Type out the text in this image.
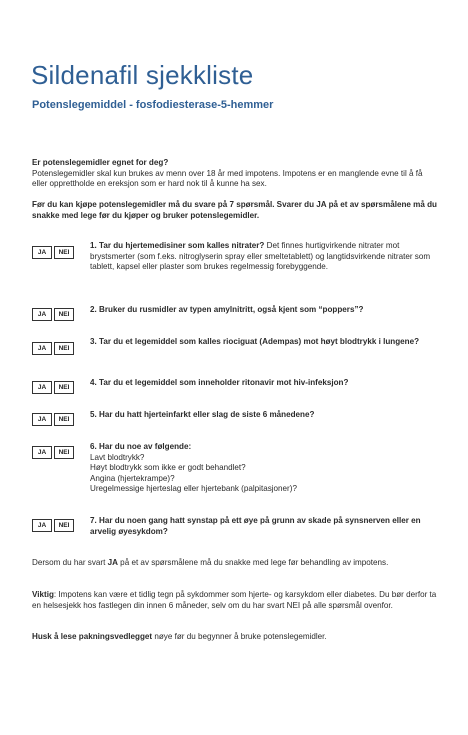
Sildenafil sjekkliste
Potenslegemiddel - fosfodiesterase-5-hemmer

Er potenslegemidler egnet for deg?
Potenslegemidler skal kun brukes av menn over 18 år med impotens. Impotens er en manglende evne til å få eller opprettholde en ereksjon som er hard nok til å kunne ha sex.

Før du kan kjøpe potenslegemidler må du svare på 7 spørsmål. Svarer du JA på et av spørsmålene må du snakke med lege før du kjøper og bruker potenslegemidler.

JA	NEI

1. Tar du hjertemedisiner som kalles nitrater? Det finnes hurtigvirkende nitrater mot brystsmerter (som f.eks. nitroglyserin spray eller smeltetablett) og langtidsvirkende nitrater som tablett, kapsel eller plaster som brukes regelmessig forebyggende.

JA	NEI

2. Bruker du rusmidler av typen amylnitritt, også kjent som “poppers”?

JA	NEI

3. Tar du et legemiddel som kalles riociguat (Adempas) mot høyt blodtrykk i lungene?

JA	NEI

4. Tar du et legemiddel som inneholder ritonavir mot hiv-infeksjon?

JA	NEI

5. Har du hatt hjerteinfarkt eller slag de siste 6 månedene?

JA	NEI

6. Har du noe av følgende:
Lavt blodtrykk?
Høyt blodtrykk som ikke er godt behandlet?
Angina (hjertekrampe)?
Uregelmessige hjerteslag eller hjertebank (palpitasjoner)?

JA	NEI

7. Har du noen gang hatt synstap på ett øye på grunn av skade på synsnerven eller en arvelig øyesykdom?

Dersom du har svart JA på et av spørsmålene må du snakke med lege før behandling av impotens.

Viktig: Impotens kan være et tidlig tegn på sykdommer som hjerte- og karsykdom eller diabetes. Du bør derfor ta en helsesjekk hos fastlegen din innen 6 måneder, selv om du har svart NEI på alle spørsmål ovenfor.

Husk å lese pakningsvedlegget nøye før du begynner å bruke potenslegemidler.
